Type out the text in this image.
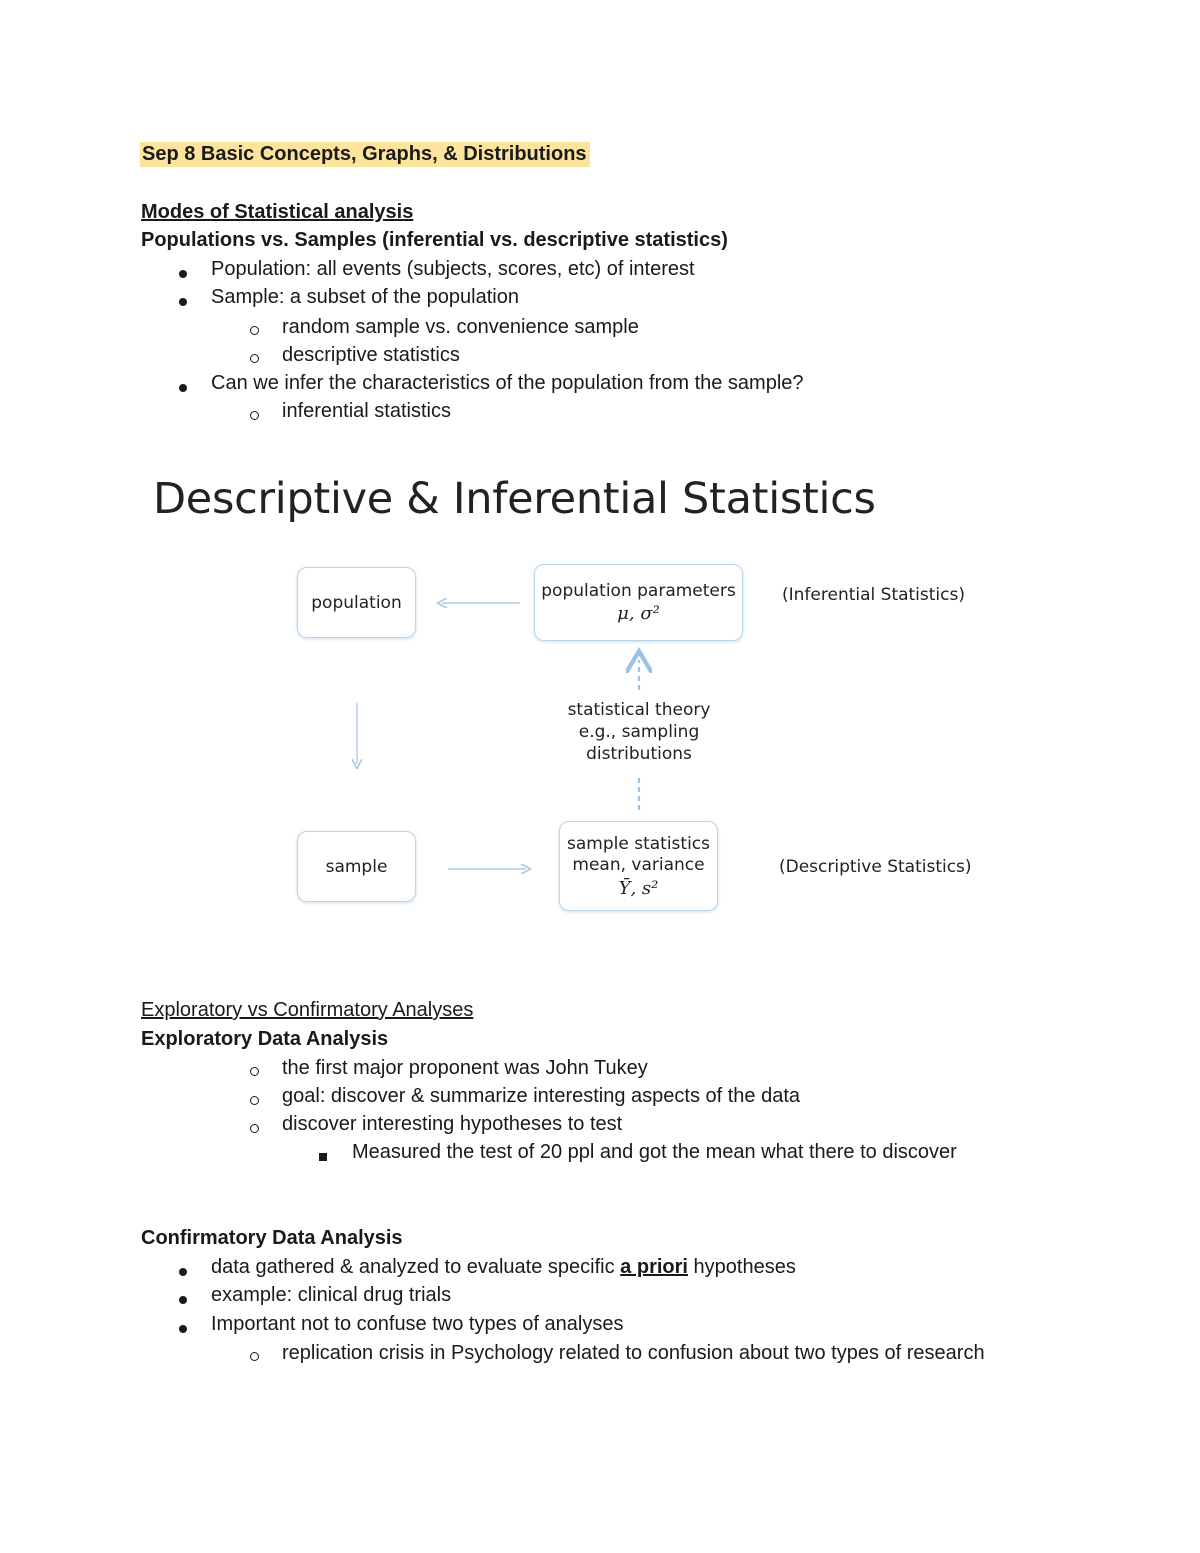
Sep 8 Basic Concepts, Graphs, & Distributions
Modes of Statistical analysis
Populations vs. Samples (inferential vs. descriptive statistics)
Population: all events (subjects, scores, etc) of interest
Sample: a subset of the population
random sample vs. convenience sample
descriptive statistics
Can we infer the characteristics of the population from the sample?
inferential statistics
Descriptive & Inferential Statistics
population
population parameters
μ, σ²
(Inferential Statistics)
statistical theory
e.g., sampling
distributions
sample
sample statistics
mean, variance
Ȳ, s²
(Descriptive Statistics)
Exploratory vs Confirmatory Analyses
Exploratory Data Analysis
the first major proponent was John Tukey
goal: discover & summarize interesting aspects of the data
discover interesting hypotheses to test
Measured the test of 20 ppl and got the mean what there to discover
Confirmatory Data Analysis
data gathered & analyzed to evaluate specific a priori hypotheses
example: clinical drug trials
Important not to confuse two types of analyses
replication crisis in Psychology related to confusion about two types of research
